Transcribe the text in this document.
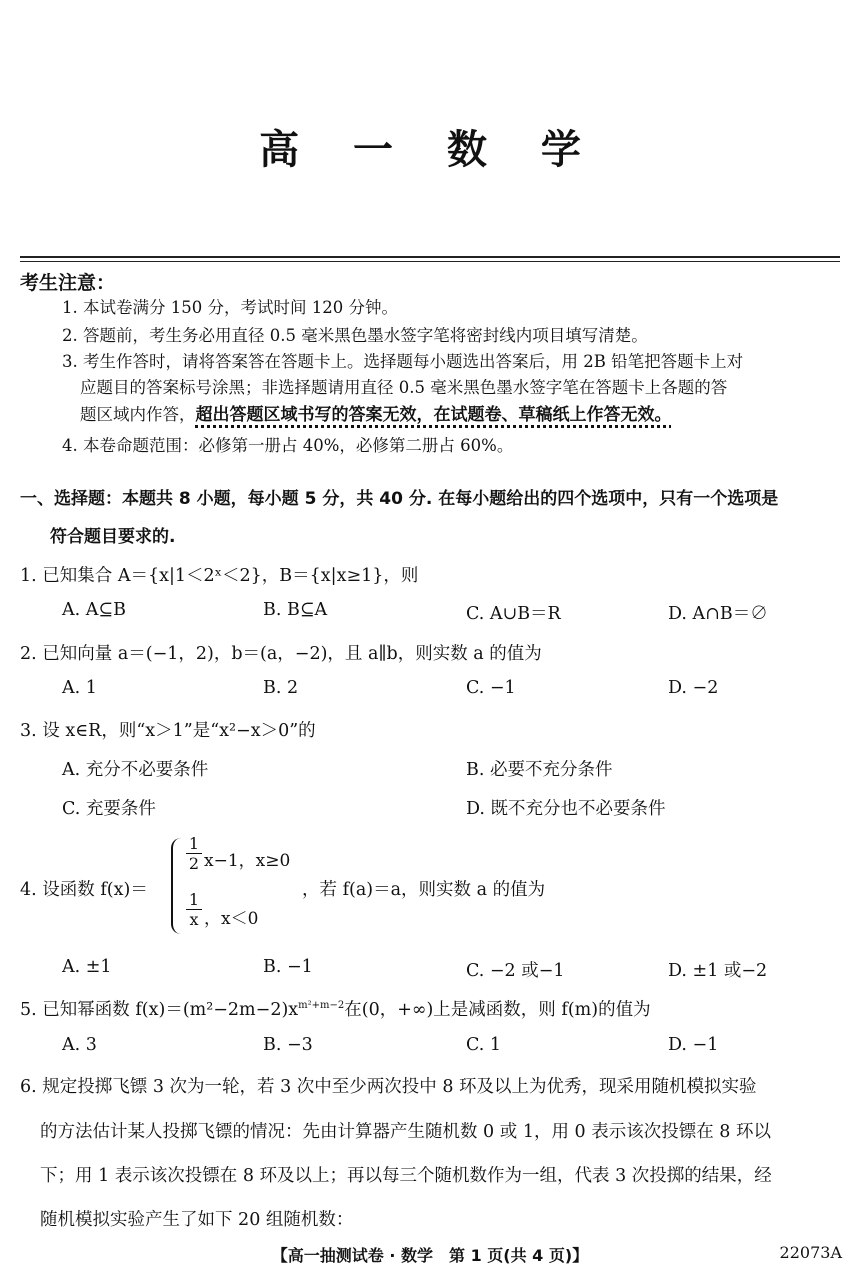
高 一 数 学
考生注意：
1. 本试卷满分 150 分，考试时间 120 分钟。
2. 答题前，考生务必用直径 0.5 毫米黑色墨水签字笔将密封线内项目填写清楚。
3. 考生作答时，请将答案答在答题卡上。选择题每小题选出答案后，用 2B 铅笔把答题卡上对
应题目的答案标号涂黑；非选择题请用直径 0.5 毫米黑色墨水签字笔在答题卡上各题的答
题区域内作答，超出答题区域书写的答案无效，在试题卷、草稿纸上作答无效。
4. 本卷命题范围：必修第一册占 40%，必修第二册占 60%。
一、选择题：本题共 8 小题，每小题 5 分，共 40 分. 在每小题给出的四个选项中，只有一个选项是
符合题目要求的.
1. 已知集合 A＝{x|1＜2ˣ＜2}，B＝{x|x≥1}，则
A. A⊆B	B. B⊆A	C. A∪B＝R	D. A∩B＝∅
2. 已知向量 a＝(−1，2)，b＝(a，−2)，且 a∥b，则实数 a 的值为
A. 1	B. 2	C. −1	D. −2
3. 设 x∈R，则“x＞1”是“x²−x＞0”的
A. 充分不必要条件	B. 必要不充分条件
C. 充要条件	D. 既不充分也不必要条件
4. 设函数 f(x)＝
$\frac{1}{2} x-1$，x≥0
$\frac{1}{x}$ ，x＜0
，若 f(a)＝a，则实数 a 的值为
A. ±1	B. −1	C. −2 或−1	D. ±1 或−2
5. 已知幂函数 $f(x)=(m^2-2m-2)x^{m^2+m-2}$在(0，+∞)上是减函数，则 f(m)的值为
A. 3	B. −3	C. 1	D. −1
6. 规定投掷飞镖 3 次为一轮，若 3 次中至少两次投中 8 环及以上为优秀，现采用随机模拟实验
的方法估计某人投掷飞镖的情况：先由计算器产生随机数 0 或 1，用 0 表示该次投镖在 8 环以
下；用 1 表示该次投镖在 8 环及以上；再以每三个随机数作为一组，代表 3 次投掷的结果，经
随机模拟实验产生了如下 20 组随机数：
【高一抽测试卷 · 数学　第 1 页(共 4 页)】	22073A
